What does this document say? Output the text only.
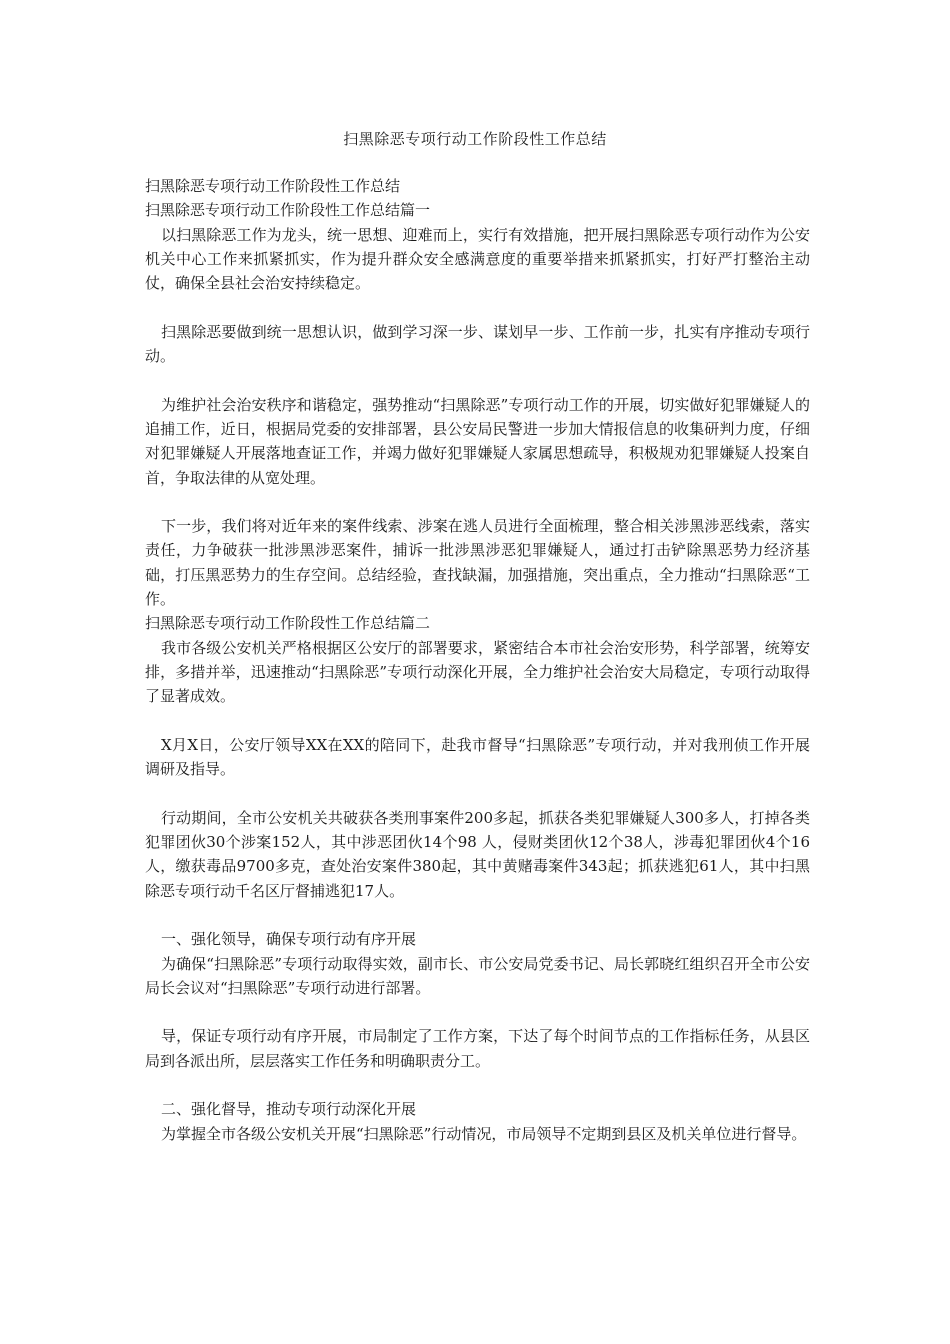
扫黑除恶专项行动工作阶段性工作总结

扫黑除恶专项行动工作阶段性工作总结

扫黑除恶专项行动工作阶段性工作总结篇一

以扫黑除恶工作为龙头，统一思想、迎难而上，实行有效措施，把开展扫黑除恶专项行动作为公安机关中心工作来抓紧抓实，作为提升群众安全感满意度的重要举措来抓紧抓实，打好严打整治主动仗，确保全县社会治安持续稳定。

扫黑除恶要做到统一思想认识，做到学习深一步、谋划早一步、工作前一步，扎实有序推动专项行动。

为维护社会治安秩序和谐稳定，强势推动“扫黑除恶”专项行动工作的开展，切实做好犯罪嫌疑人的追捕工作，近日，根据局党委的安排部署，县公安局民警进一步加大情报信息的收集研判力度，仔细对犯罪嫌疑人开展落地查证工作，并竭力做好犯罪嫌疑人家属思想疏导，积极规劝犯罪嫌疑人投案自首，争取法律的从宽处理。

下一步，我们将对近年来的案件线索、涉案在逃人员进行全面梳理，整合相关涉黑涉恶线索，落实责任，力争破获一批涉黑涉恶案件，捕诉一批涉黑涉恶犯罪嫌疑人，通过打击铲除黑恶势力经济基础，打压黑恶势力的生存空间。总结经验，查找缺漏，加强措施，突出重点，全力推动“扫黑除恶“工作。

扫黑除恶专项行动工作阶段性工作总结篇二

我市各级公安机关严格根据区公安厅的部署要求，紧密结合本市社会治安形势，科学部署，统筹安排，多措并举，迅速推动“扫黑除恶”专项行动深化开展，全力维护社会治安大局稳定，专项行动取得了显著成效。

X月X日，公安厅领导XX在XX的陪同下，赴我市督导“扫黑除恶”专项行动，并对我刑侦工作开展调研及指导。

行动期间，全市公安机关共破获各类刑事案件200多起，抓获各类犯罪嫌疑人300多人，打掉各类犯罪团伙30个涉案152人，其中涉恶团伙14个98 人，侵财类团伙12个38人，涉毒犯罪团伙4个16人，缴获毒品9700多克，查处治安案件380起，其中黄赌毒案件343起；抓获逃犯61人，其中扫黑除恶专项行动千名区厅督捕逃犯17人。

一、强化领导，确保专项行动有序开展

为确保“扫黑除恶”专项行动取得实效，副市长、市公安局党委书记、局长郭晓红组织召开全市公安局长会议对“扫黑除恶”专项行动进行部署。

导，保证专项行动有序开展，市局制定了工作方案，下达了每个时间节点的工作指标任务，从县区局到各派出所，层层落实工作任务和明确职责分工。

二、强化督导，推动专项行动深化开展

为掌握全市各级公安机关开展“扫黑除恶”行动情况，市局领导不定期到县区及机关单位进行督导。
